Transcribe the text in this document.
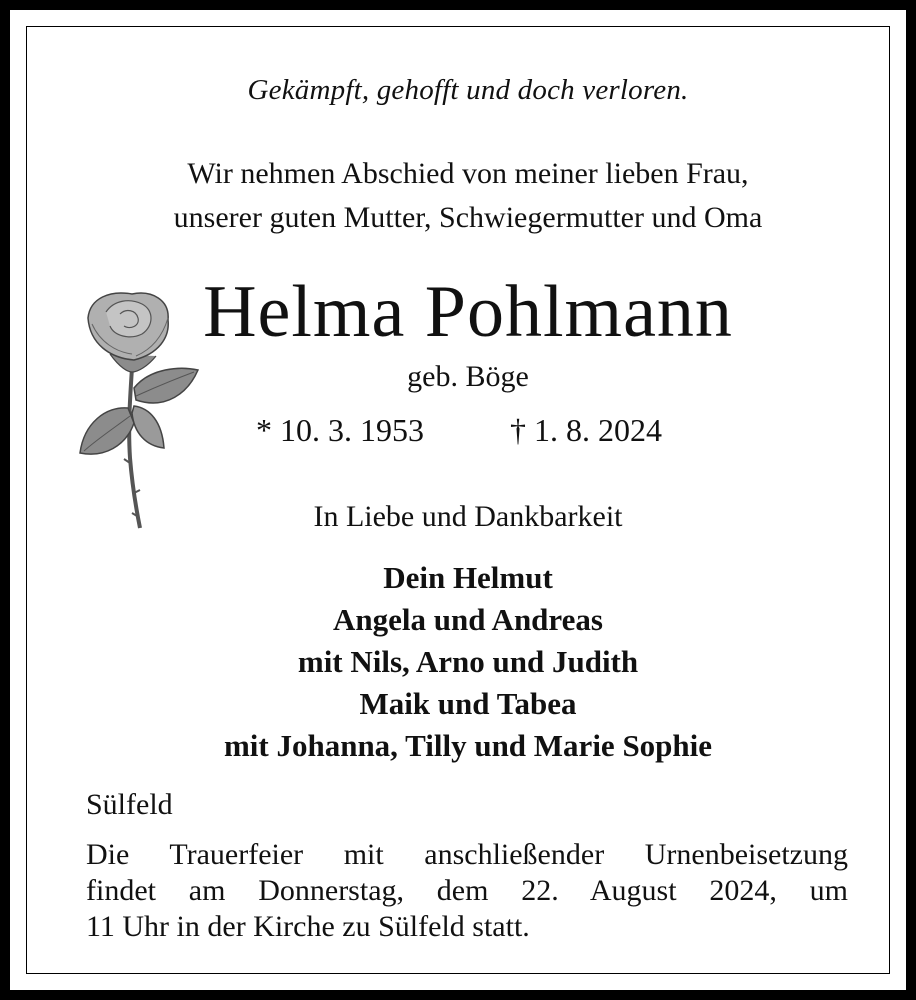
Gekämpft, gehofft und doch verloren.
Wir nehmen Abschied von meiner lieben Frau,
unserer guten Mutter, Schwiegermutter und Oma
Helma Pohlmann
geb. Böge
* 10. 3. 1953	† 1. 8. 2024
In Liebe und Dankbarkeit
Dein Helmut
Angela und Andreas
mit Nils, Arno und Judith
Maik und Tabea
mit Johanna, Tilly und Marie Sophie
Sülfeld
Die Trauerfeier mit anschließender Urnenbeisetzung
findet am Donnerstag, dem 22. August 2024, um
11 Uhr in der Kirche zu Sülfeld statt.
